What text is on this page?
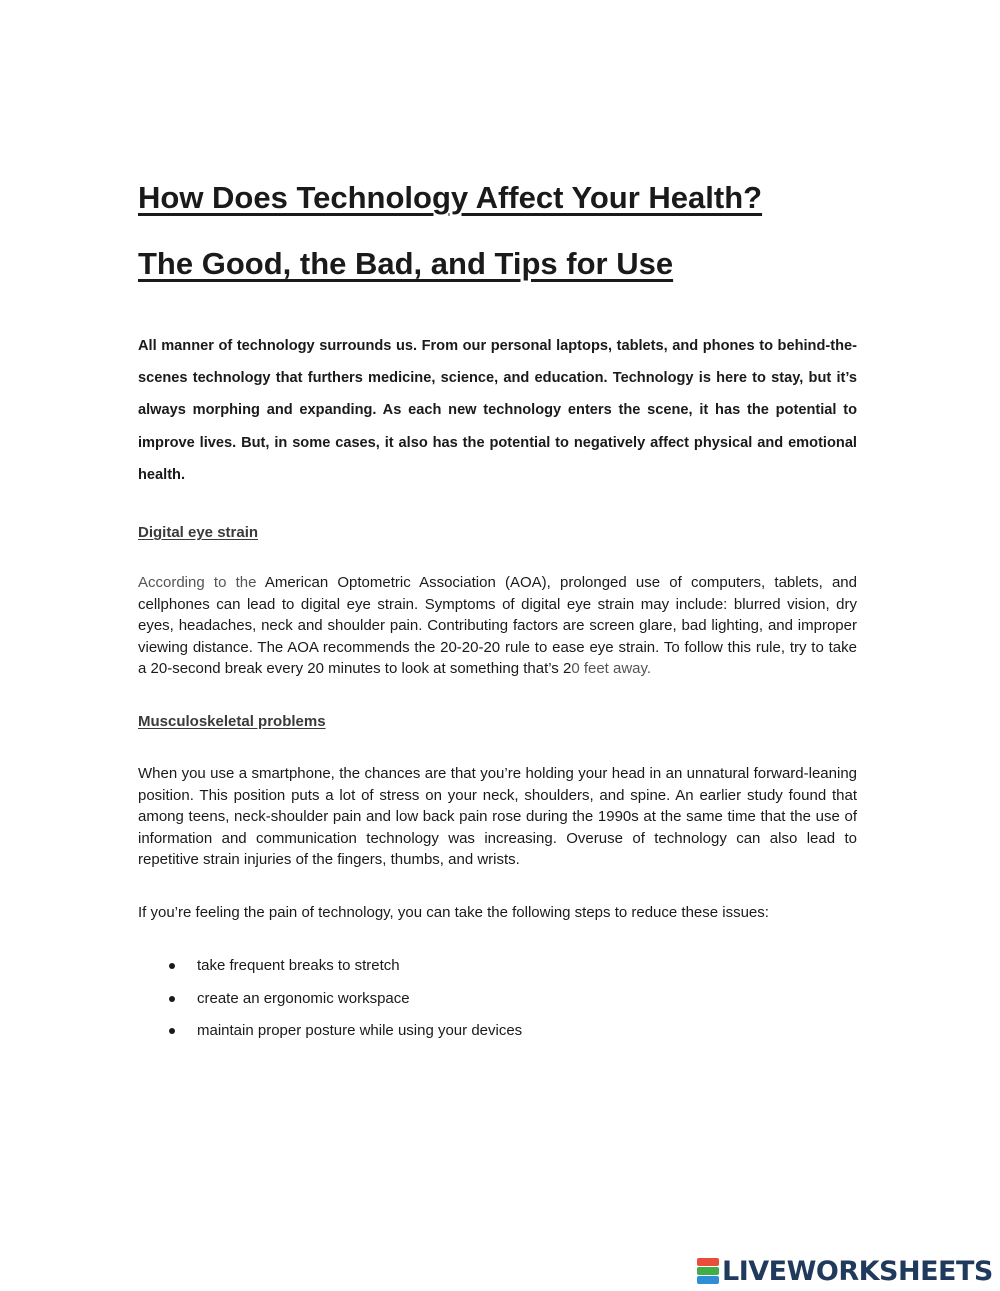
How Does Technology Affect Your Health?
The Good, the Bad, and Tips for Use

All manner of technology surrounds us. From our personal laptops, tablets, and phones to behind-the-scenes technology that furthers medicine, science, and education. Technology is here to stay, but it’s always morphing and expanding. As each new technology enters the scene, it has the potential to improve lives. But, in some cases, it also has the potential to negatively affect physical and emotional health.

Digital eye strain

According to the American Optometric Association (AOA), prolonged use of computers, tablets, and cellphones can lead to digital eye strain. Symptoms of digital eye strain may include: blurred vision, dry eyes, headaches, neck and shoulder pain. Contributing factors are screen glare, bad lighting, and improper viewing distance. The AOA recommends the 20-20-20 rule to ease eye strain. To follow this rule, try to take a 20-second break every 20 minutes to look at something that’s 20 feet away.

Musculoskeletal problems

When you use a smartphone, the chances are that you’re holding your head in an unnatural forward-leaning position. This position puts a lot of stress on your neck, shoulders, and spine. An earlier study found that among teens, neck-shoulder pain and low back pain rose during the 1990s at the same time that the use of information and communication technology was increasing. Overuse of technology can also lead to repetitive strain injuries of the fingers, thumbs, and wrists.

If you’re feeling the pain of technology, you can take the following steps to reduce these issues:

take frequent breaks to stretch
create an ergonomic workspace
maintain proper posture while using your devices
LIVEWORKSHEETS
